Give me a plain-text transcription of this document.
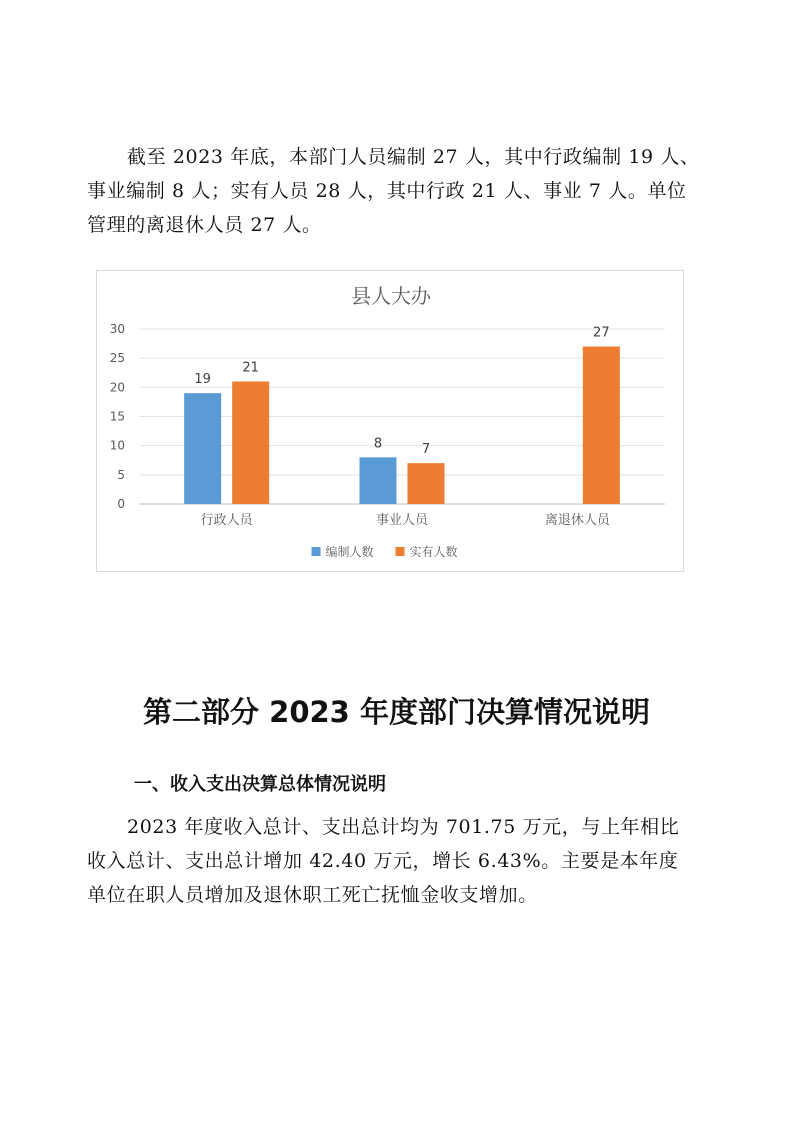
截至 2023 年底，本部门人员编制 27 人，其中行政编制 19 人、
事业编制 8 人；实有人员 28 人，其中行政 21 人、事业 7 人。单位
管理的离退休人员 27 人。
县人大办
0
5
10
15
20
25
30
行政人员
19
21
事业人员
8	7
离退休人员
27
编制人数	实有人数
第二部分 2023 年度部门决算情况说明
一、收入支出决算总体情况说明
2023 年度收入总计、支出总计均为 701.75 万元，与上年相比
收入总计、支出总计增加 42.40 万元，增长 6.43%。主要是本年度
单位在职人员增加及退休职工死亡抚恤金收支增加。
